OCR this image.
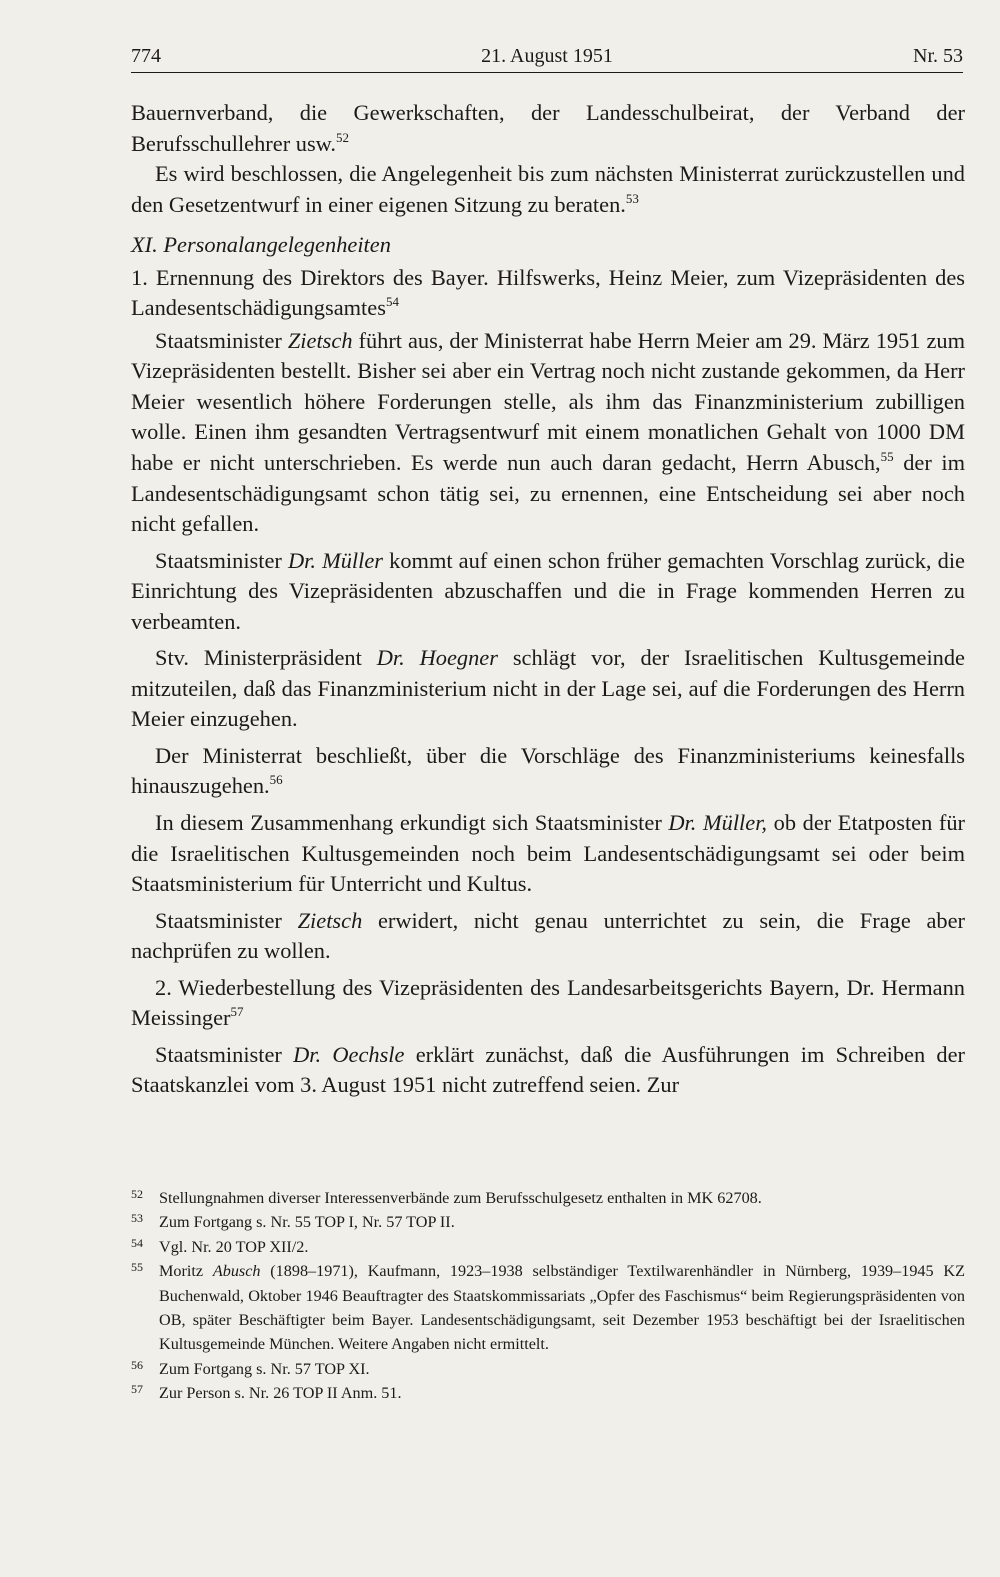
774	21. August 1951	Nr. 53

Bauernverband, die Gewerkschaften, der Landesschulbeirat, der Verband der Berufsschullehrer usw.$^{52}$

Es wird beschlossen, die Angelegenheit bis zum nächsten Ministerrat zurückzustellen und den Gesetzentwurf in einer eigenen Sitzung zu beraten.$^{53}$

XI. Personalangelegenheiten

1. Ernennung des Direktors des Bayer. Hilfswerks, Heinz Meier, zum Vizepräsidenten des Landesentschädigungsamtes$^{54}$

Staatsminister Zietsch führt aus, der Ministerrat habe Herrn Meier am 29. März 1951 zum Vizepräsidenten bestellt. Bisher sei aber ein Vertrag noch nicht zustande gekommen, da Herr Meier wesentlich höhere Forderungen stelle, als ihm das Finanzministerium zubilligen wolle. Einen ihm gesandten Vertragsentwurf mit einem monatlichen Gehalt von 1000 DM habe er nicht unterschrieben. Es werde nun auch daran gedacht, Herrn Abusch,$^{55}$ der im Landesentschädigungsamt schon tätig sei, zu ernennen, eine Entscheidung sei aber noch nicht gefallen.

Staatsminister Dr. Müller kommt auf einen schon früher gemachten Vorschlag zurück, die Einrichtung des Vizepräsidenten abzuschaffen und die in Frage kommenden Herren zu verbeamten.

Stv. Ministerpräsident Dr. Hoegner schlägt vor, der Israelitischen Kultusgemeinde mitzuteilen, daß das Finanzministerium nicht in der Lage sei, auf die Forderungen des Herrn Meier einzugehen.

Der Ministerrat beschließt, über die Vorschläge des Finanzministeriums keinesfalls hinauszugehen.$^{56}$

In diesem Zusammenhang erkundigt sich Staatsminister Dr. Müller, ob der Etatposten für die Israelitischen Kultusgemeinden noch beim Landesentschädigungsamt sei oder beim Staatsministerium für Unterricht und Kultus.

Staatsminister Zietsch erwidert, nicht genau unterrichtet zu sein, die Frage aber nachprüfen zu wollen.

2. Wiederbestellung des Vizepräsidenten des Landesarbeitsgerichts Bayern, Dr. Hermann Meissinger$^{57}$

Staatsminister Dr. Oechsle erklärt zunächst, daß die Ausführungen im Schreiben der Staatskanzlei vom 3. August 1951 nicht zutreffend seien. Zur

52 Stellungnahmen diverser Interessenverbände zum Berufsschulgesetz enthalten in MK 62708.
53 Zum Fortgang s. Nr. 55 TOP I, Nr. 57 TOP II.
54 Vgl. Nr. 20 TOP XII/2.
55 Moritz Abusch (1898–1971), Kaufmann, 1923–1938 selbständiger Textilwarenhändler in Nürnberg, 1939–1945 KZ Buchenwald, Oktober 1946 Beauftragter des Staatskommissariats „Opfer des Faschismus“ beim Regierungspräsidenten von OB, später Beschäftigter beim Bayer. Landesentschädigungsamt, seit Dezember 1953 beschäftigt bei der Israelitischen Kultusgemeinde München. Weitere Angaben nicht ermittelt.
56 Zum Fortgang s. Nr. 57 TOP XI.
57 Zur Person s. Nr. 26 TOP II Anm. 51.
